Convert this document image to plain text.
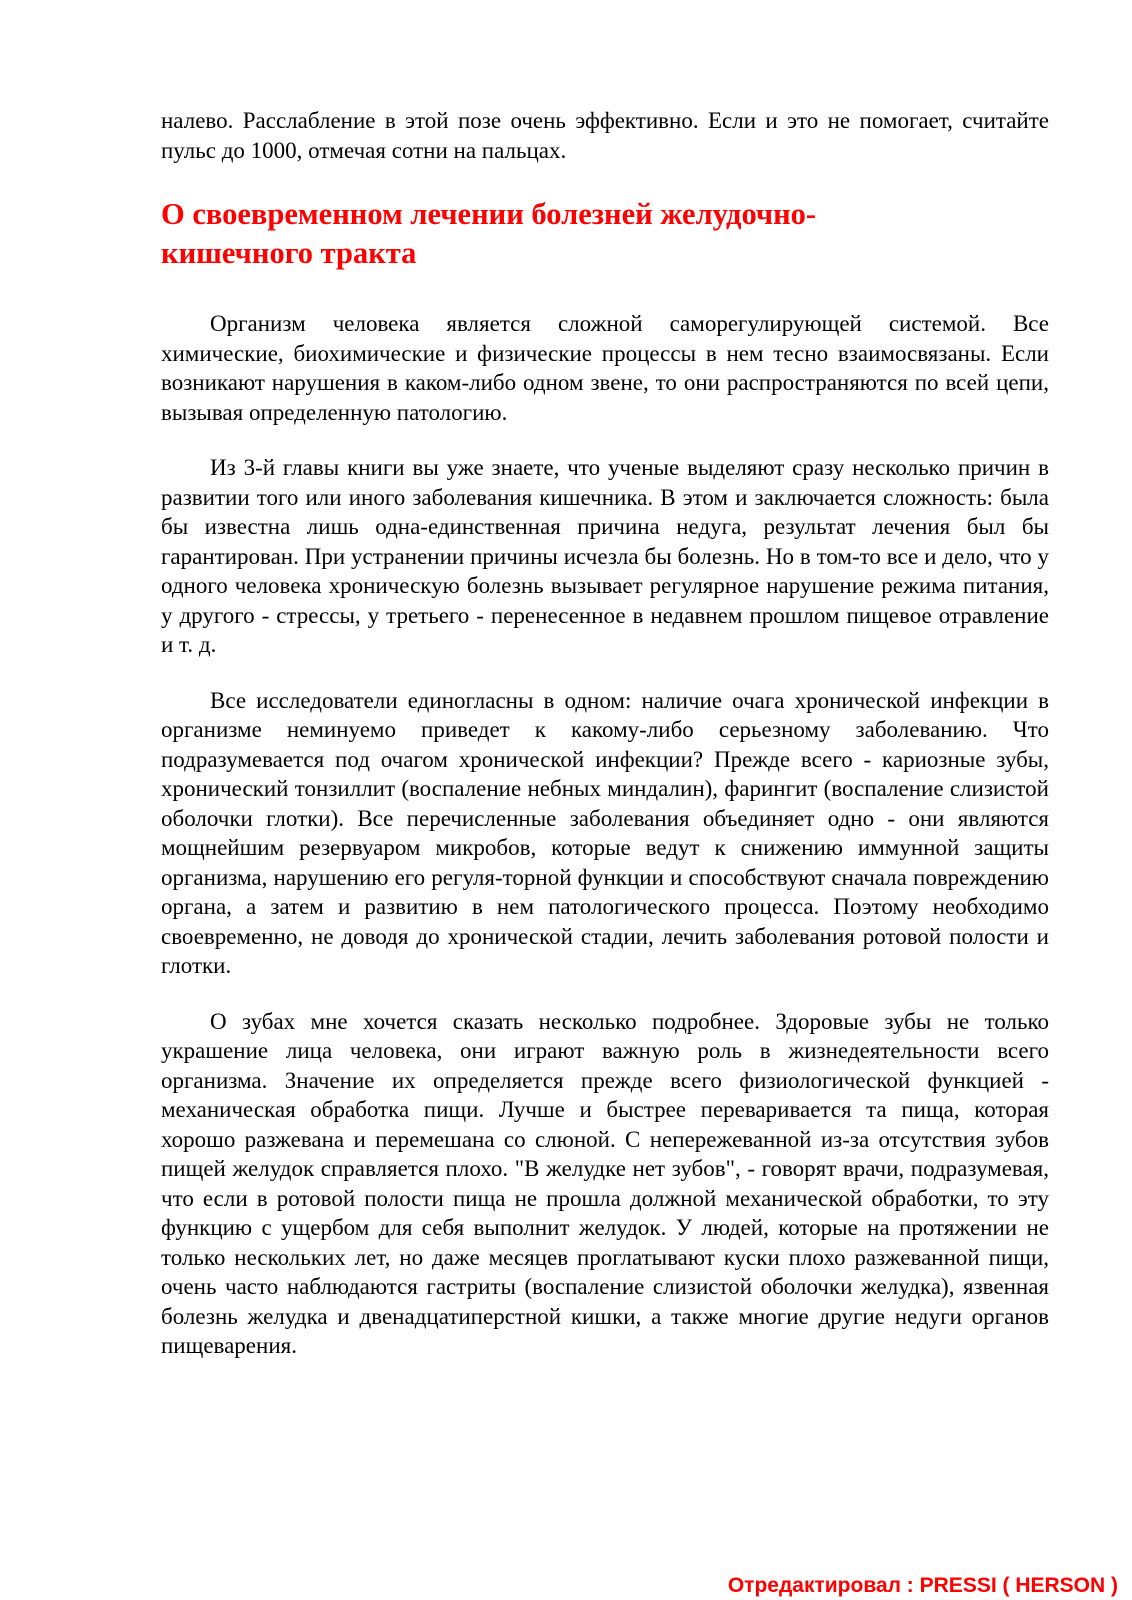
налево. Расслабление в этой позе очень эффективно. Если и это не помогает, считайте пульс до 1000, отмечая сотни на пальцах.

О своевременном лечении болезней желудочно-
кишечного тракта

Организм человека является сложной саморегулирующей системой. Все химические, биохимические и физические процессы в нем тесно взаимосвязаны. Если возникают нарушения в каком-либо одном звене, то они распространяются по всей цепи, вызывая определенную патологию.

Из 3-й главы книги вы уже знаете, что ученые выделяют сразу несколько причин в развитии того или иного заболевания кишечника. В этом и заключается сложность: была бы известна лишь одна-единственная причина недуга, результат лечения был бы гарантирован. При устранении причины исчезла бы болезнь. Но в том-то все и дело, что у одного человека хроническую болезнь вызывает регулярное нарушение режима питания, у другого - стрессы, у третьего - перенесенное в недавнем прошлом пищевое отравление и т. д.

Все исследователи единогласны в одном: наличие очага хронической инфекции в организме неминуемо приведет к какому-либо серьезному заболеванию. Что подразумевается под очагом хронической инфекции? Прежде всего - кариозные зубы, хронический тонзиллит (воспаление небных миндалин), фарингит (воспаление слизистой оболочки глотки). Все перечисленные заболевания объединяет одно - они являются мощнейшим резервуаром микробов, которые ведут к снижению иммунной защиты организма, нарушению его регуля-торной функции и способствуют сначала повреждению органа, а затем и развитию в нем патологического процесса. Поэтому необходимо своевременно, не доводя до хронической стадии, лечить заболевания ротовой полости и глотки.

О зубах мне хочется сказать несколько подробнее. Здоровые зубы не только украшение лица человека, они играют важную роль в жизнедеятельности всего организма. Значение их определяется прежде всего физиологической функцией - механическая обработка пищи. Лучше и быстрее переваривается та пища, которая хорошо разжевана и перемешана со слюной. С непережеванной из-за отсутствия зубов пищей желудок справляется плохо. "В желудке нет зубов", - говорят врачи, подразумевая, что если в ротовой полости пища не прошла должной механической обработки, то эту функцию с ущербом для себя выполнит желудок. У людей, которые на протяжении не только нескольких лет, но даже месяцев проглатывают куски плохо разжеванной пищи, очень часто наблюдаются гастриты (воспаление слизистой оболочки желудка), язвенная болезнь желудка и двенадцатиперстной кишки, а также многие другие недуги органов пищеварения.

Отредактировал : PRESSI ( HERSON )
